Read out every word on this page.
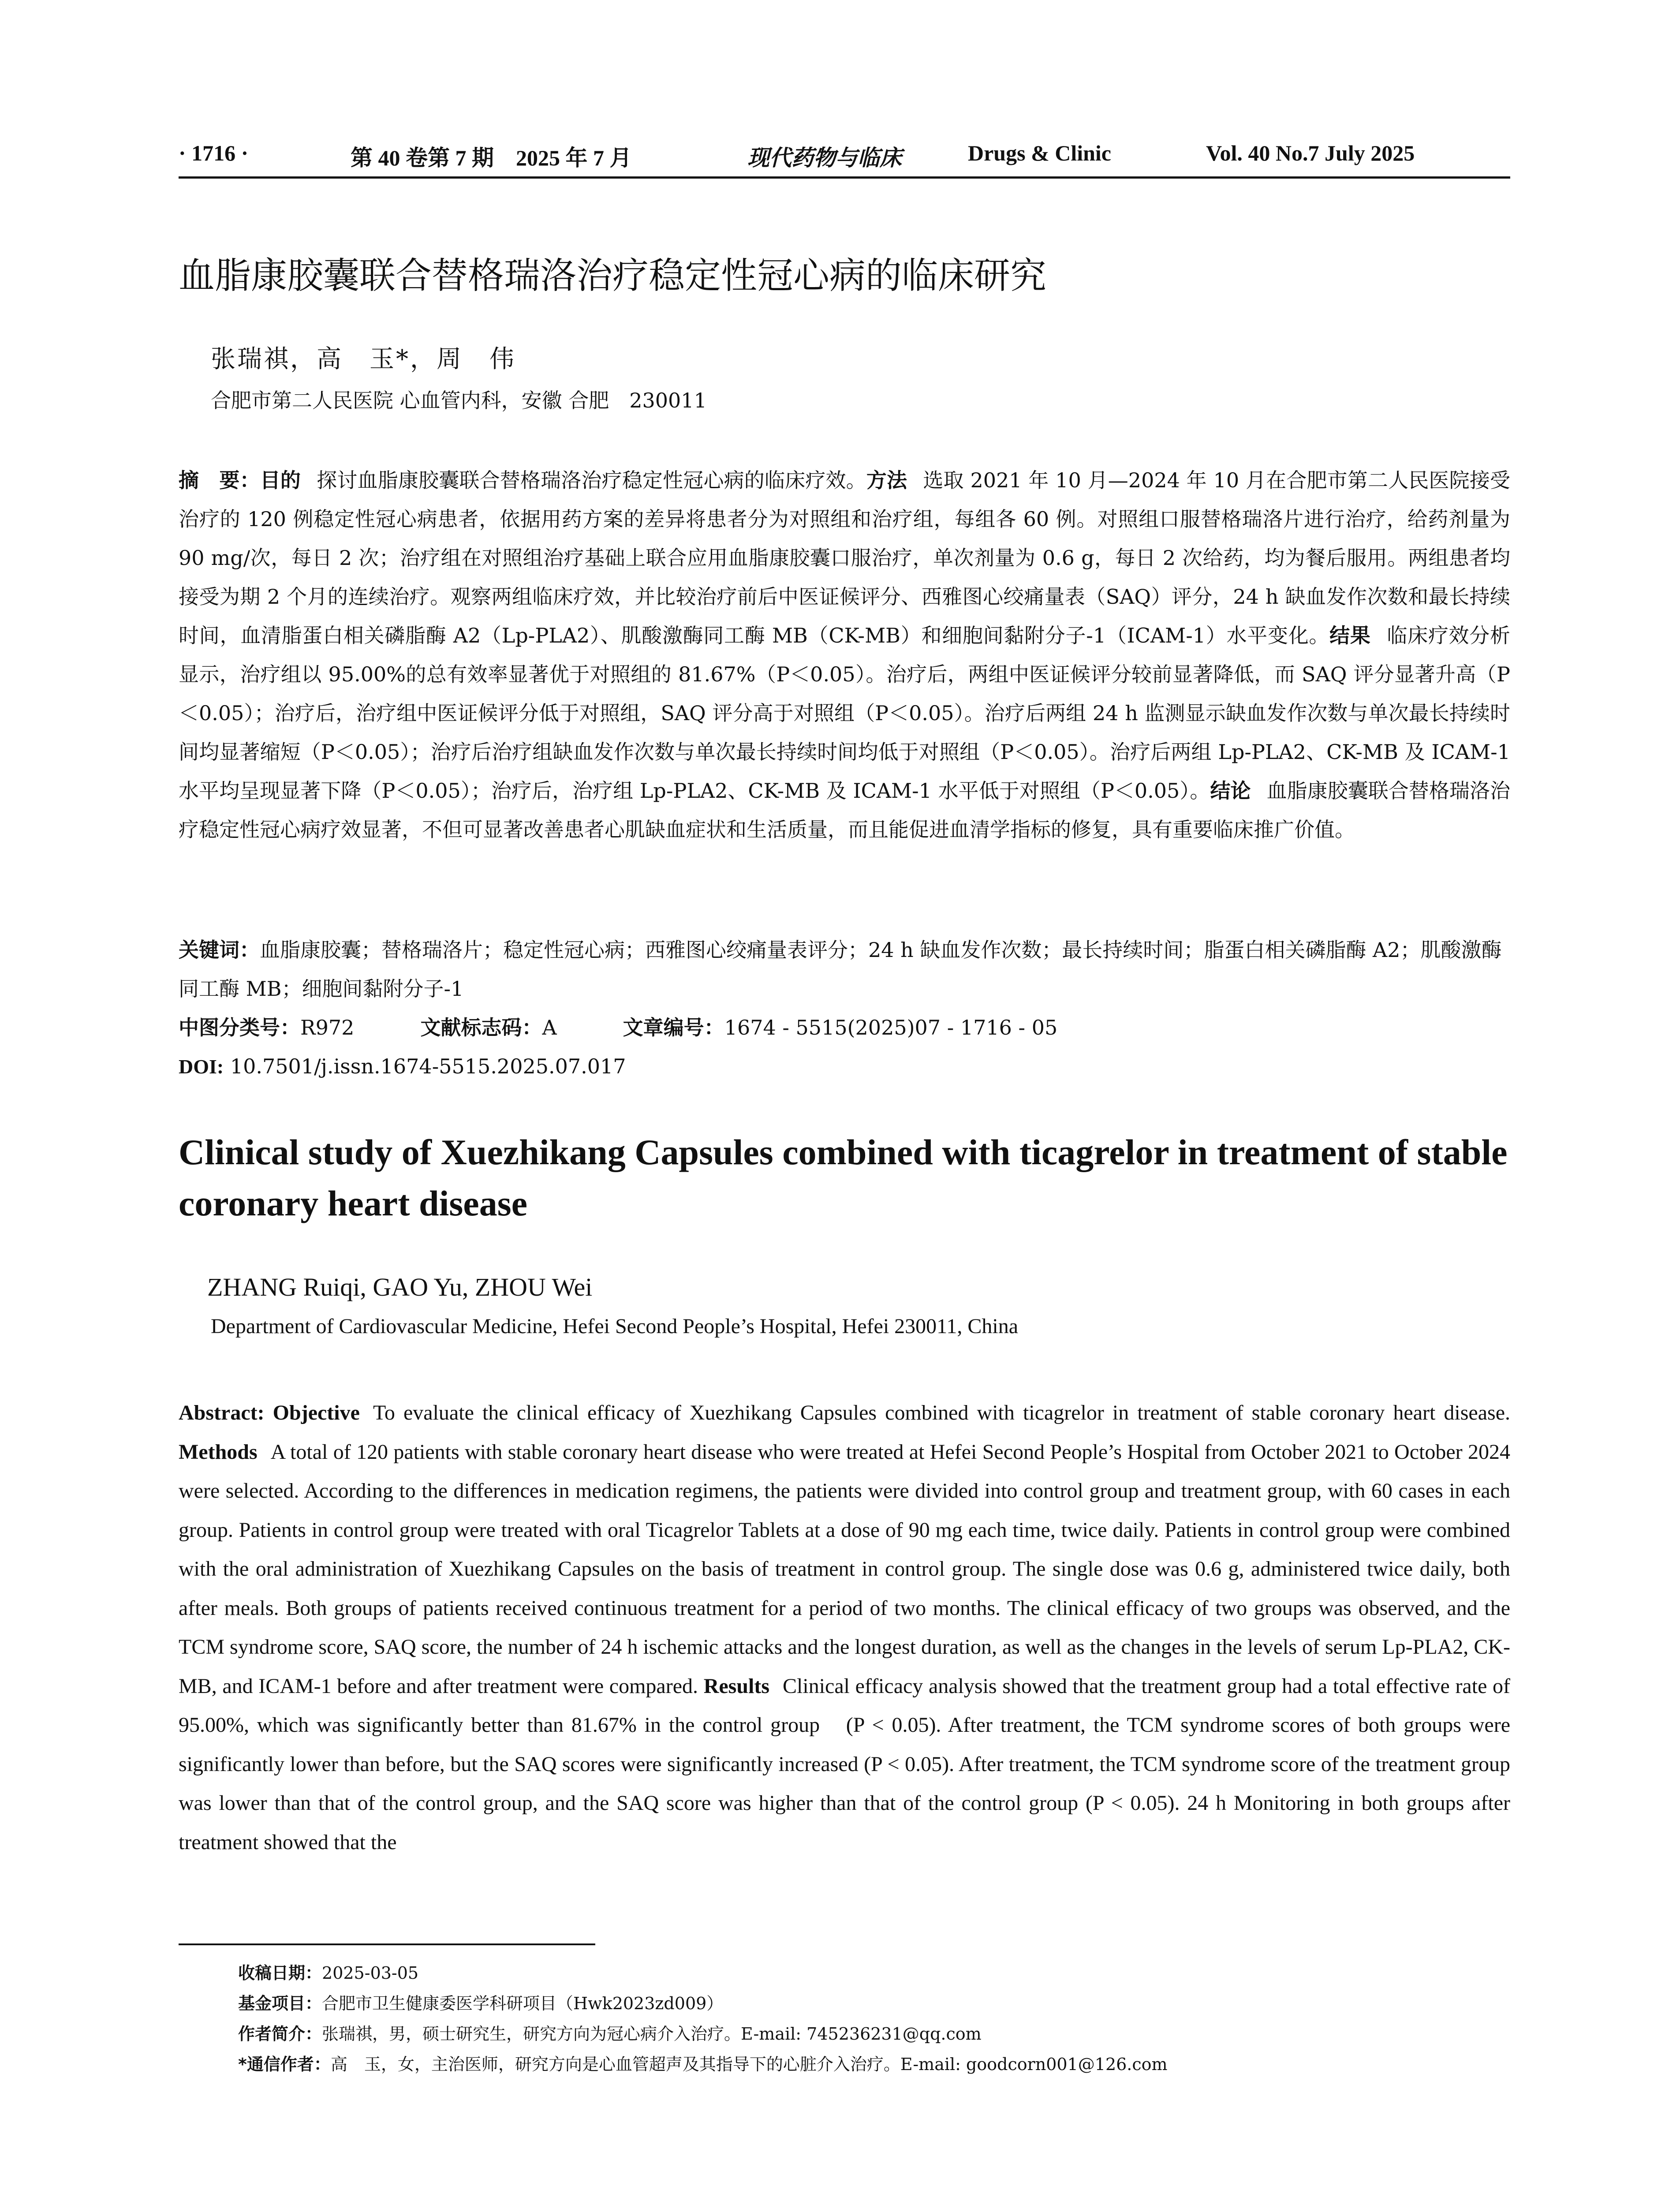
· 1716 ·	第 40 卷第 7 期　2025 年 7 月	现代药物与临床	Drugs & Clinic	Vol. 40 No.7 July 2025
血脂康胶囊联合替格瑞洛治疗稳定性冠心病的临床研究
张瑞祺，高　玉*，周　伟
合肥市第二人民医院 心血管内科，安徽 合肥　230011
摘　要：目的 探讨血脂康胶囊联合替格瑞洛治疗稳定性冠心病的临床疗效。方法 选取 2021 年 10 月—2024 年 10 月在合肥市第二人民医院接受治疗的 120 例稳定性冠心病患者，依据用药方案的差异将患者分为对照组和治疗组，每组各 60 例。对照组口服替格瑞洛片进行治疗，给药剂量为 90 mg/次，每日 2 次；治疗组在对照组治疗基础上联合应用血脂康胶囊口服治疗，单次剂量为 0.6 g，每日 2 次给药，均为餐后服用。两组患者均接受为期 2 个月的连续治疗。观察两组临床疗效，并比较治疗前后中医证候评分、西雅图心绞痛量表（SAQ）评分，24 h 缺血发作次数和最长持续时间，血清脂蛋白相关磷脂酶 A2（Lp-PLA2）、肌酸激酶同工酶 MB（CK-MB）和细胞间黏附分子-1（ICAM-1）水平变化。结果 临床疗效分析显示，治疗组以 95.00%的总有效率显著优于对照组的 81.67%（P＜0.05）。治疗后，两组中医证候评分较前显著降低，而 SAQ 评分显著升高（P＜0.05）；治疗后，治疗组中医证候评分低于对照组，SAQ 评分高于对照组（P＜0.05）。治疗后两组 24 h 监测显示缺血发作次数与单次最长持续时间均显著缩短（P＜0.05）；治疗后治疗组缺血发作次数与单次最长持续时间均低于对照组（P＜0.05）。治疗后两组 Lp-PLA2、CK-MB 及 ICAM-1 水平均呈现显著下降（P＜0.05）；治疗后，治疗组 Lp-PLA2、CK-MB 及 ICAM-1 水平低于对照组（P＜0.05）。结论 血脂康胶囊联合替格瑞洛治疗稳定性冠心病疗效显著，不但可显著改善患者心肌缺血症状和生活质量，而且能促进血清学指标的修复，具有重要临床推广价值。
关键词：血脂康胶囊；替格瑞洛片；稳定性冠心病；西雅图心绞痛量表评分；24 h 缺血发作次数；最长持续时间；脂蛋白相关磷脂酶 A2；肌酸激酶同工酶 MB；细胞间黏附分子-1
中图分类号：R972	文献标志码：A	文章编号：1674 - 5515(2025)07 - 1716 - 05
DOI: 10.7501/j.issn.1674-5515.2025.07.017
Clinical study of Xuezhikang Capsules combined with ticagrelor in treatment of stable coronary heart disease
ZHANG Ruiqi, GAO Yu, ZHOU Wei
Department of Cardiovascular Medicine, Hefei Second People’s Hospital, Hefei 230011, China
Abstract: Objective To evaluate the clinical efficacy of Xuezhikang Capsules combined with ticagrelor in treatment of stable coronary heart disease. Methods A total of 120 patients with stable coronary heart disease who were treated at Hefei Second People’s Hospital from October 2021 to October 2024 were selected. According to the differences in medication regimens, the patients were divided into control group and treatment group, with 60 cases in each group. Patients in control group were treated with oral Ticagrelor Tablets at a dose of 90 mg each time, twice daily. Patients in control group were combined with the oral administration of Xuezhikang Capsules on the basis of treatment in control group. The single dose was 0.6 g, administered twice daily, both after meals. Both groups of patients received continuous treatment for a period of two months. The clinical efficacy of two groups was observed, and the TCM syndrome score, SAQ score, the number of 24 h ischemic attacks and the longest duration, as well as the changes in the levels of serum Lp-PLA2, CK-MB, and ICAM-1 before and after treatment were compared. Results Clinical efficacy analysis showed that the treatment group had a total effective rate of 95.00%, which was significantly better than 81.67% in the control group　(P < 0.05). After treatment, the TCM syndrome scores of both groups were significantly lower than before, but the SAQ scores were significantly increased (P < 0.05). After treatment, the TCM syndrome score of the treatment group was lower than that of the control group, and the SAQ score was higher than that of the control group (P < 0.05). 24 h Monitoring in both groups after treatment showed that the
收稿日期：2025-03-05
基金项目：合肥市卫生健康委医学科研项目（Hwk2023zd009）
作者简介：张瑞祺，男，硕士研究生，研究方向为冠心病介入治疗。E-mail: 745236231@qq.com
*通信作者：高　玉，女，主治医师，研究方向是心血管超声及其指导下的心脏介入治疗。E-mail: goodcorn001@126.com
